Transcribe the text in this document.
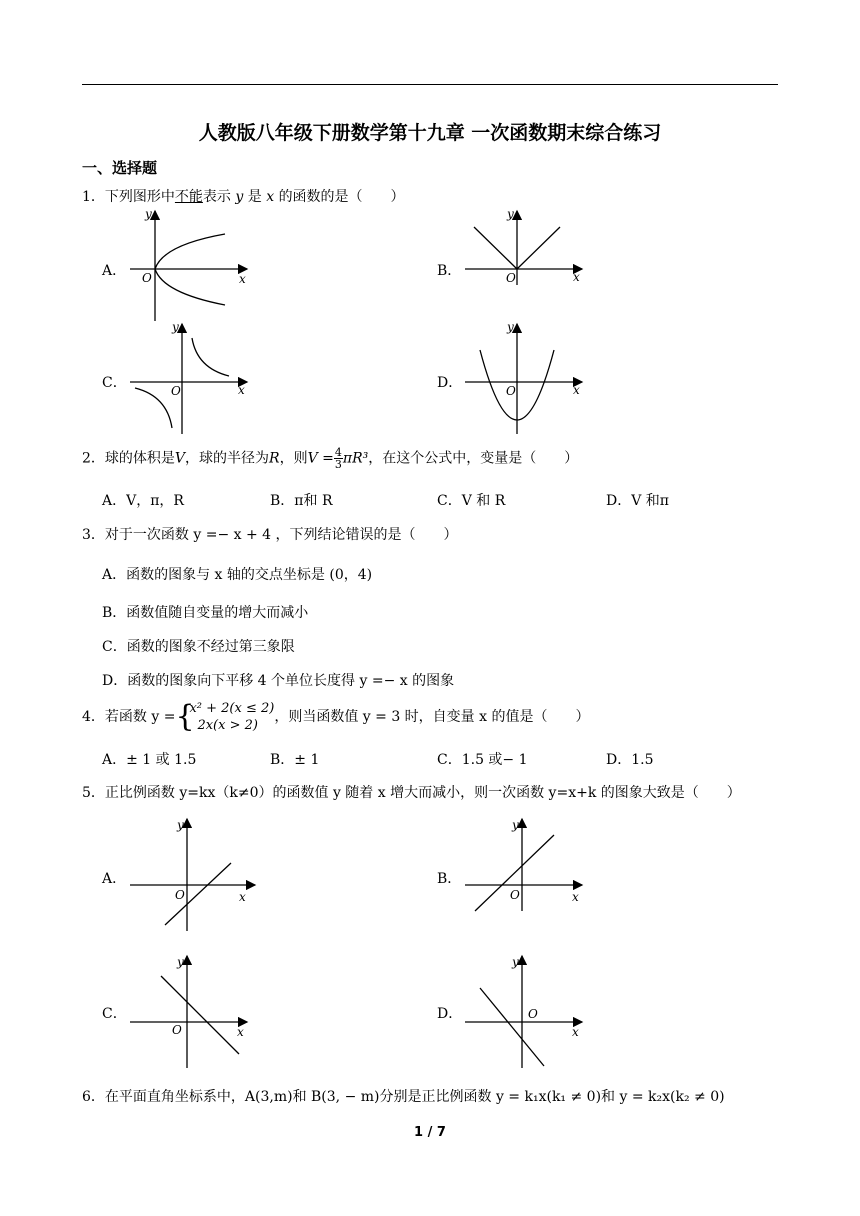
人教版八年级下册数学第十九章 一次函数期末综合练习
一、选择题
1．下列图形中不能表示 y 是 x 的函数的是（　　）
A．	x
y
O	B．	x
y
O
C．	x
y
O	D．	x
y
O
2．球的体积是V，球的半径为R，则$V = \frac{4}{3} \pi R^3$，在这个公式中，变量是（　　）
A．V，π，R	B．π和 R	C．V 和 R	D．V 和π
3．对于一次函数 y =− x + 4 ，下列结论错误的是（　　）
A．函数的图象与 x 轴的交点坐标是 (0，4)
B．函数值随自变量的增大而减小
C．函数的图象不经过第三象限
D．函数的图象向下平移 4 个单位长度得 y =− x 的图象
4．若函数 y = {
x² + 2(x ≤ 2)
2x(x > 2)
，则当函数值 y = 3 时，自变量 x 的值是（　　）
A．± 1 或 1.5	B．± 1	C．1.5 或− 1	D．1.5
5．正比例函数 y=kx（k≠0）的函数值 y 随着 x 增大而减小，则一次函数 y=x+k 的图象大致是（　　）
A．
x
y
O
B．
x
y
O
C．
x
y
O
D．
x
y
O
6．在平面直角坐标系中，A(3,m)和 B(3, − m)分别是正比例函数 y = k₁x(k₁ ≠ 0)和 y = k₂x(k₂ ≠ 0)
1 / 7
